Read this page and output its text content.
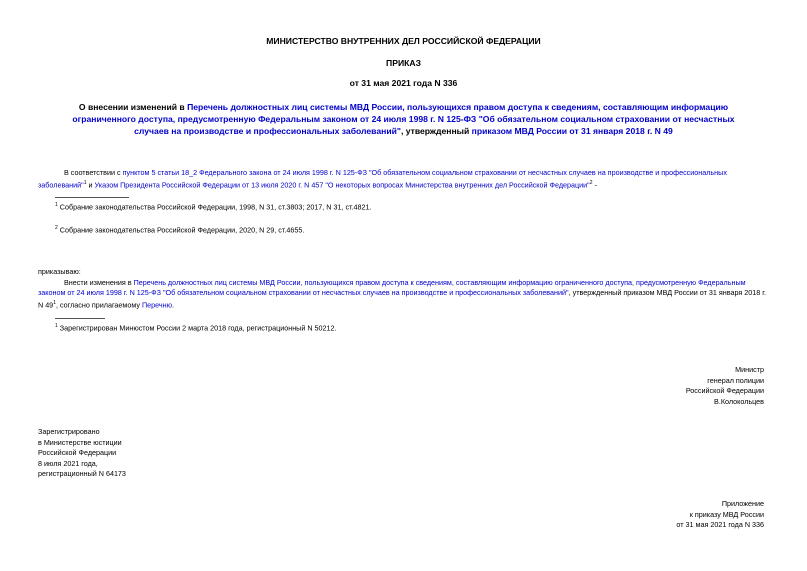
МИНИСТЕРСТВО ВНУТРЕННИХ ДЕЛ РОССИЙСКОЙ ФЕДЕРАЦИИ
ПРИКАЗ
от 31 мая 2021 года N 336
О внесении изменений в Перечень должностных лиц системы МВД России, пользующихся правом доступа к сведениям, составляющим информацию ограниченного доступа, предусмотренную Федеральным законом от 24 июля 1998 г. N 125-ФЗ "Об обязательном социальном страховании от несчастных случаев на производстве и профессиональных заболеваний", утвержденный приказом МВД России от 31 января 2018 г. N 49
В соответствии с пунктом 5 статьи 18_2 Федерального закона от 24 июля 1998 г. N 125-ФЗ "Об обязательном социальном страховании от несчастных случаев на производстве и профессиональных заболеваний"$^1$ и Указом Президента Российской Федерации от 13 июля 2020 г. N 457 "О некоторых вопросах Министерства внутренних дел Российской Федерации"$^2$ -
$^1$ Собрание законодательства Российской Федерации, 1998, N 31, ст.3803; 2017, N 31, ст.4821.
$^2$ Собрание законодательства Российской Федерации, 2020, N 29, ст.4655.
приказываю:
Внести изменения в Перечень должностных лиц системы МВД России, пользующихся правом доступа к сведениям, составляющим информацию ограниченного доступа, предусмотренную Федеральным законом от 24 июля 1998 г. N 125-ФЗ "Об обязательном социальном страховании от несчастных случаев на производстве и профессиональных заболеваний", утвержденный приказом МВД России от 31 января 2018 г. N 49$^1$, согласно прилагаемому Перечню.
$^1$ Зарегистрирован Минюстом России 2 марта 2018 года, регистрационный N 50212.
Министр
генерал полиции
Российской Федерации
В.Колокольцев
Зарегистрировано
в Министерстве юстиции
Российской Федерации
8 июля 2021 года,
регистрационный N 64173
Приложение
к приказу МВД России
от 31 мая 2021 года N 336
